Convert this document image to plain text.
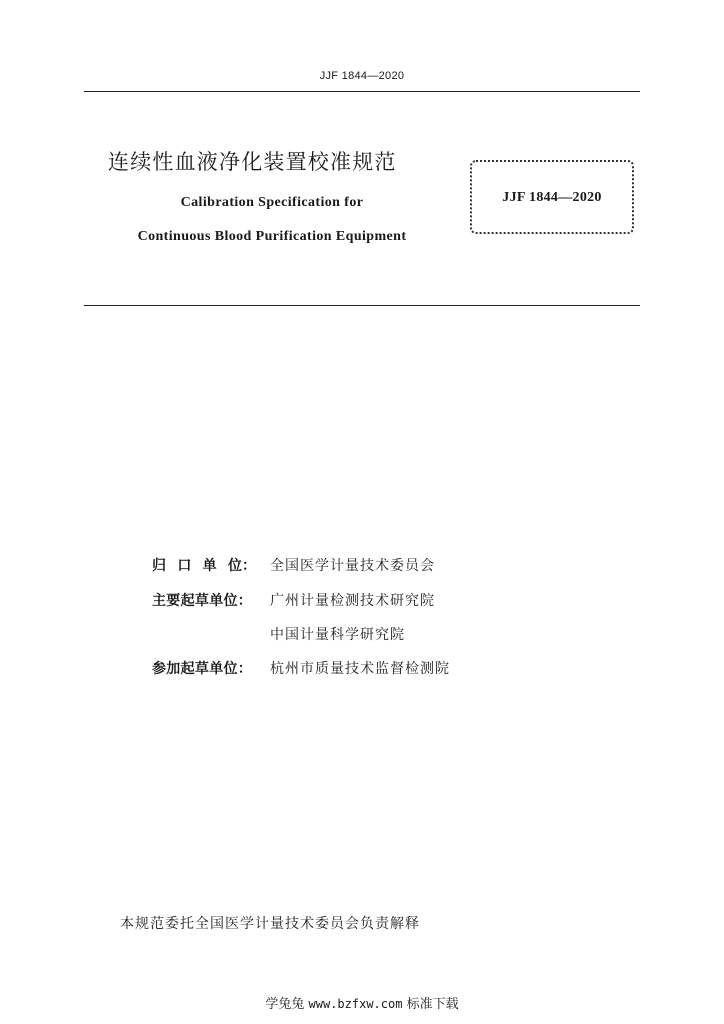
JJF 1844—2020
连续性血液净化装置校准规范
Calibration Specification for
Continuous Blood Purification Equipment
JJF 1844—2020
归 口 单 位： 全国医学计量技术委员会
主要起草单位：	广州计量检测技术研究院
中国计量科学研究院
参加起草单位：	杭州市质量技术监督检测院
本规范委托全国医学计量技术委员会负责解释
学兔兔 www.bzfxw.com 标准下载
